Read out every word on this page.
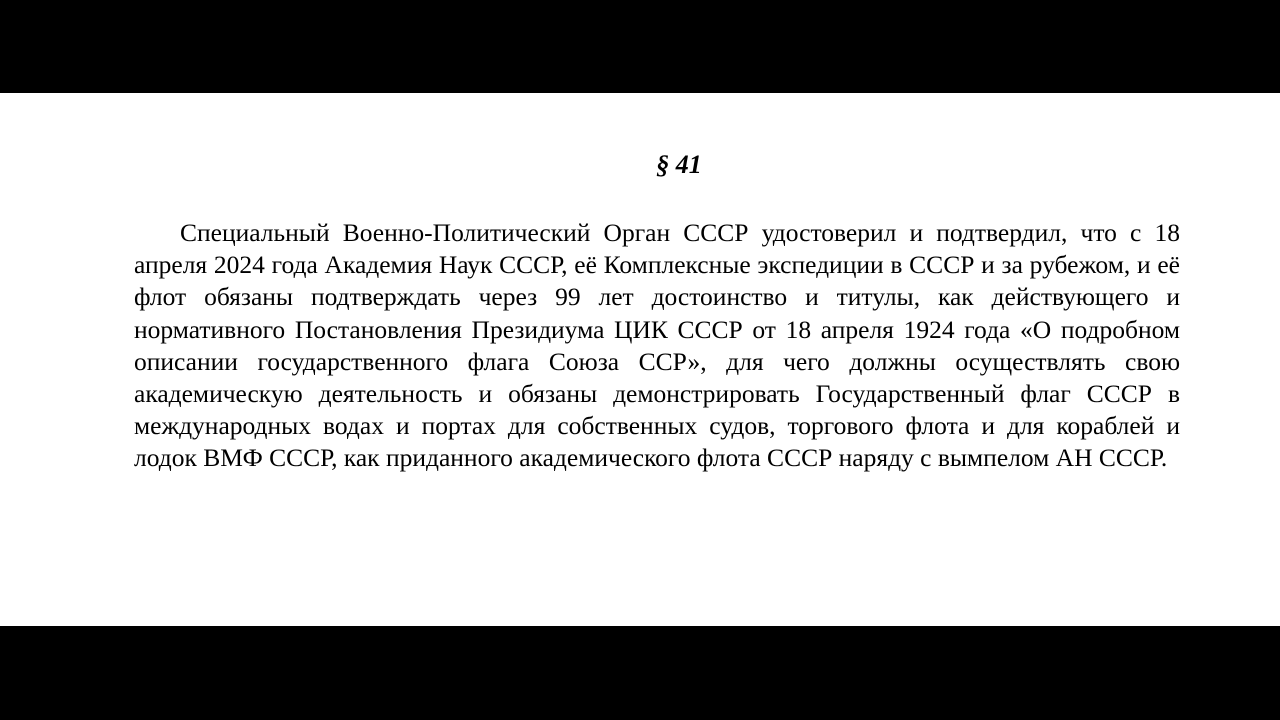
§ 41

Специальный Военно-Политический Орган СССР удостоверил и подтвердил, что с 18 апреля 2024 года Академия Наук СССР, её Комплексные экспедиции в СССР и за рубежом, и её флот обязаны подтверждать через 99 лет достоинство и титулы, как действующего и нормативного Постановления Президиума ЦИК СССР от 18 апреля 1924 года «О подробном описании государственного флага Союза ССР», для чего должны осуществлять свою академическую деятельность и обязаны демонстрировать Государственный флаг СССР в международных водах и портах для собственных судов, торгового флота и для кораблей и лодок ВМФ СССР, как приданного академического флота СССР наряду с вымпелом АН СССР.
